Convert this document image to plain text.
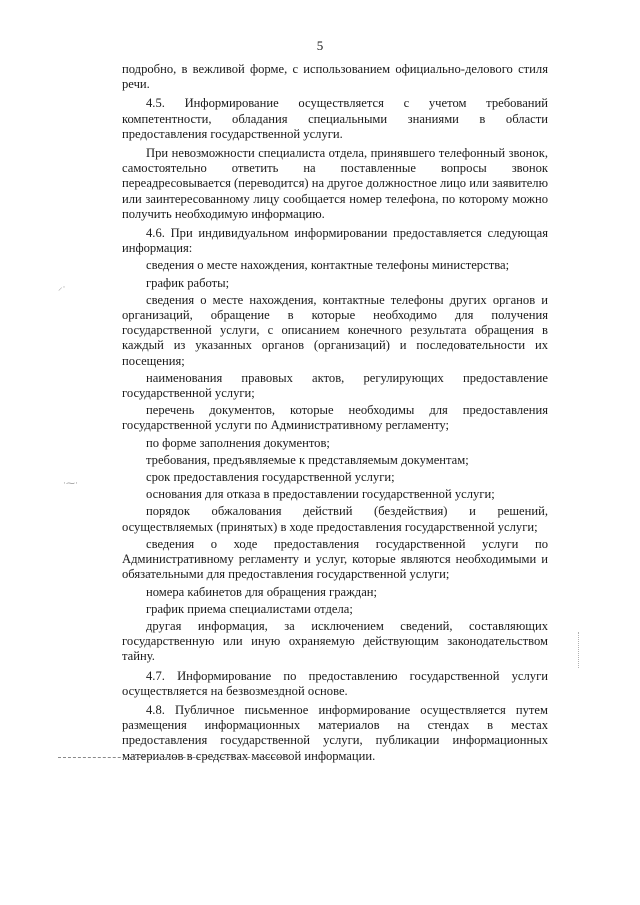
5

подробно, в вежливой форме, с использованием официально-делового стиля речи.

4.5. Информирование осуществляется с учетом требований компетентности, обладания специальными знаниями в области предоставления государственной услуги.

При невозможности специалиста отдела, принявшего телефонный звонок, самостоятельно ответить на поставленные вопросы звонок переадресовывается (переводится) на другое должностное лицо или заявителю или заинтересованному лицу сообщается номер телефона, по которому можно получить необходимую информацию.

4.6. При индивидуальном информировании предоставляется следующая информация:

сведения о месте нахождения, контактные телефоны министерства;

график работы;

сведения о месте нахождения, контактные телефоны других органов и организаций, обращение в которые необходимо для получения государственной услуги, с описанием конечного результата обращения в каждый из указанных органов (организаций) и последовательности их посещения;

наименования правовых актов, регулирующих предоставление государственной услуги;

перечень документов, которые необходимы для предоставления государственной услуги по Административному регламенту;

по форме заполнения документов;

требования, предъявляемые к представляемым документам;

срок предоставления государственной услуги;

основания для отказа в предоставлении государственной услуги;

порядок обжалования действий (бездействия) и решений, осуществляемых (принятых) в ходе предоставления государственной услуги;

сведения о ходе предоставления государственной услуги по Административному регламенту и услуг, которые являются необходимыми и обязательными для предоставления государственной услуги;

номера кабинетов для обращения граждан;

график приема специалистами отдела;

другая информация, за исключением сведений, составляющих государственную или иную охраняемую действующим законодательством тайну.

4.7. Информирование по предоставлению государственной услуги осуществляется на безвозмездной основе.

4.8. Публичное письменное информирование осуществляется путем размещения информационных материалов на стендах в местах предоставления государственной услуги, публикации информационных материалов в средствах массовой информации.

⸝·
·⁓·
